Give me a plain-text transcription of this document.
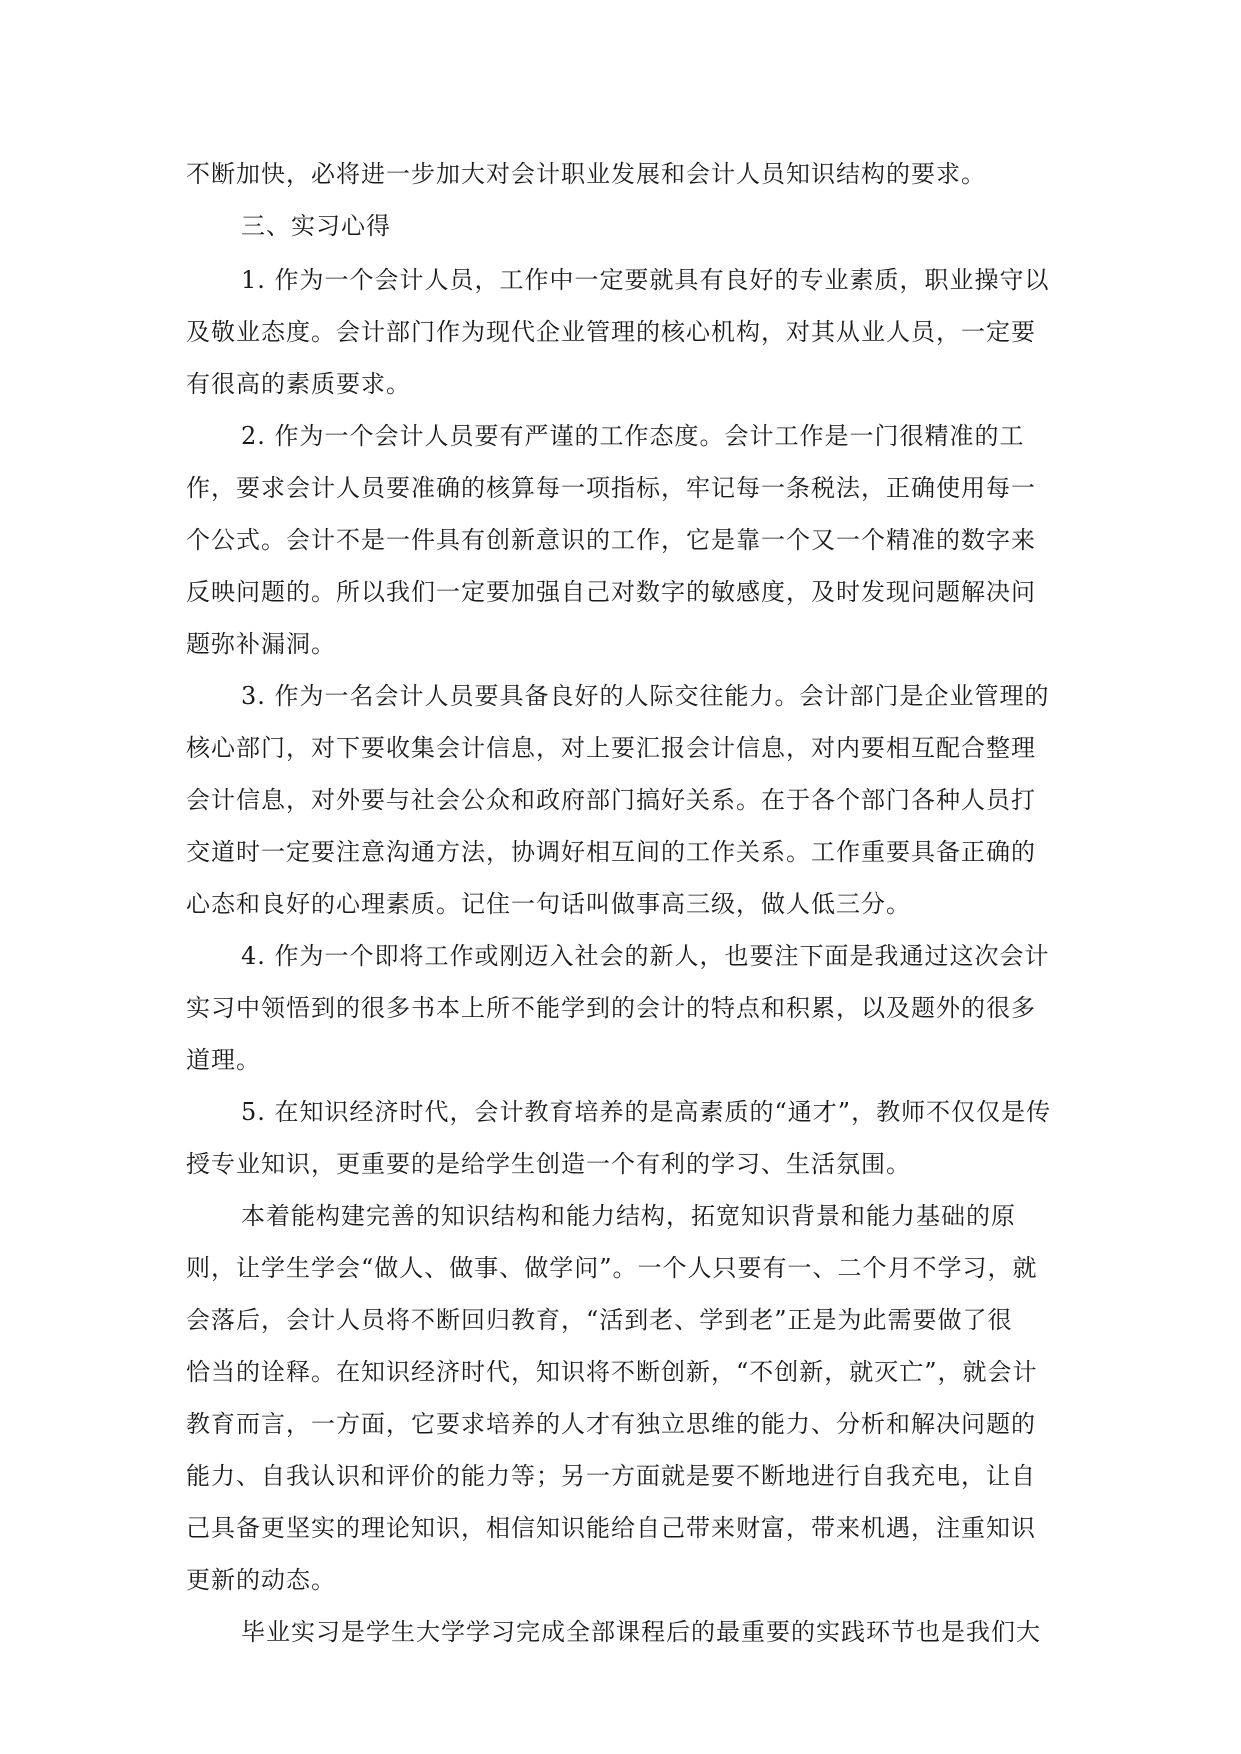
不断加快，必将进一步加大对会计职业发展和会计人员知识结构的要求。
三、实习心得
1. 作为一个会计人员，工作中一定要就具有良好的专业素质，职业操守以
及敬业态度。会计部门作为现代企业管理的核心机构，对其从业人员，一定要
有很高的素质要求。
2. 作为一个会计人员要有严谨的工作态度。会计工作是一门很精准的工
作，要求会计人员要准确的核算每一项指标，牢记每一条税法，正确使用每一
个公式。会计不是一件具有创新意识的工作，它是靠一个又一个精准的数字来
反映问题的。所以我们一定要加强自己对数字的敏感度，及时发现问题解决问
题弥补漏洞。
3. 作为一名会计人员要具备良好的人际交往能力。会计部门是企业管理的
核心部门，对下要收集会计信息，对上要汇报会计信息，对内要相互配合整理
会计信息，对外要与社会公众和政府部门搞好关系。在于各个部门各种人员打
交道时一定要注意沟通方法，协调好相互间的工作关系。工作重要具备正确的
心态和良好的心理素质。记住一句话叫做事高三级，做人低三分。
4. 作为一个即将工作或刚迈入社会的新人，也要注下面是我通过这次会计
实习中领悟到的很多书本上所不能学到的会计的特点和积累，以及题外的很多
道理。
5. 在知识经济时代，会计教育培养的是高素质的“通才”，教师不仅仅是传
授专业知识，更重要的是给学生创造一个有利的学习、生活氛围。
本着能构建完善的知识结构和能力结构，拓宽知识背景和能力基础的原
则，让学生学会“做人、做事、做学问”。一个人只要有一、二个月不学习，就
会落后，会计人员将不断回归教育，“活到老、学到老”正是为此需要做了很
恰当的诠释。在知识经济时代，知识将不断创新，“不创新，就灭亡”，就会计
教育而言，一方面，它要求培养的人才有独立思维的能力、分析和解决问题的
能力、自我认识和评价的能力等；另一方面就是要不断地进行自我充电，让自
己具备更坚实的理论知识，相信知识能给自己带来财富，带来机遇，注重知识
更新的动态。
毕业实习是学生大学学习完成全部课程后的最重要的实践环节也是我们大
